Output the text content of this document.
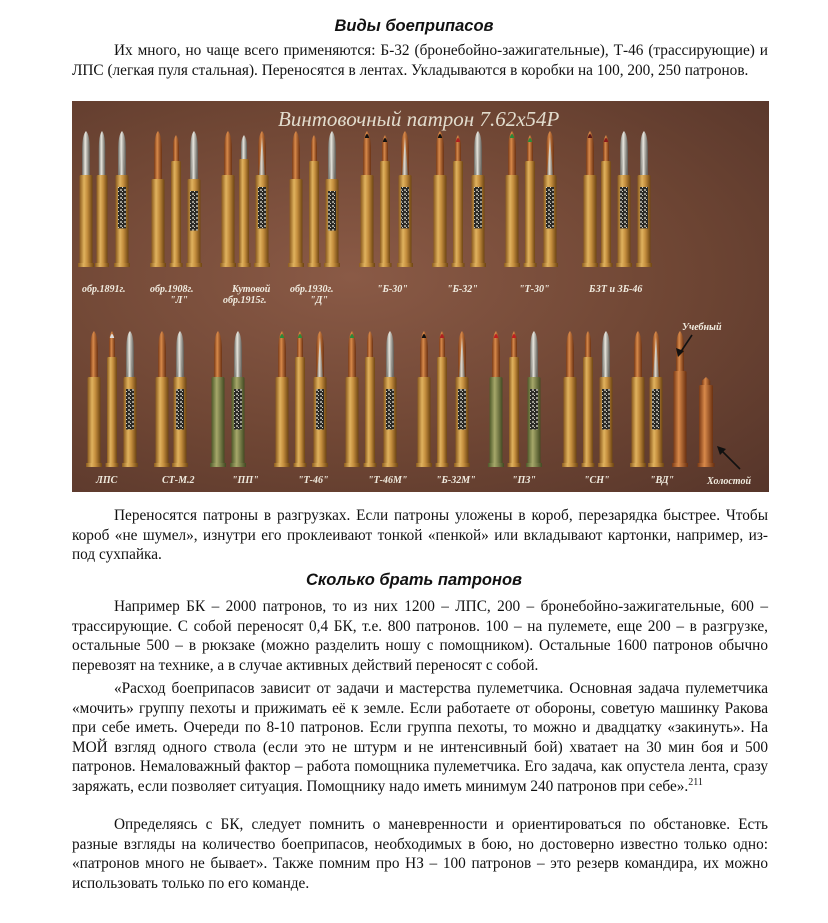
Виды боеприпасов

Их много, но чаще всего применяются: Б-32 (бронебойно-зажигательные), Т-46 (трассирующие) и ЛПС (легкая пуля стальная). Переносятся в лентах. Укладываются в коробки на 100, 200, 250 патронов.

Винтовочный патрон 7.62х54Р
обр.1891г. обр.1908г.
"Л"
Кутовой
обр.1915г.
обр.1930г.
"Д"
"Б-30"	"Б-32"	"Т-30"	БЗТ и ЗБ-46
ЛПС	СТ-М.2	"ПП"	"Т-46"	"Т-46М"	"Б-32М"	"ПЗ"	"СН"	"ВД"
Учебный
Холостой

Переносятся патроны в разгрузках. Если патроны уложены в короб, перезарядка быстрее. Чтобы короб «не шумел», изнутри его проклеивают тонкой «пенкой» или вкладывают картонки, например, из-под сухпайка.

Сколько брать патронов

Например БК – 2000 патронов, то из них 1200 – ЛПС, 200 – бронебойно-зажигательные, 600 – трассирующие. С собой переносят 0,4 БК, т.е. 800 патронов. 100 – на пулемете, еще 200 – в разгрузке, остальные 500 – в рюкзаке (можно разделить ношу с помощником). Остальные 1600 патронов обычно перевозят на технике, а в случае активных действий переносят с собой.

«Расход боеприпасов зависит от задачи и мастерства пулеметчика. Основная задача пулеметчика «мочить» группу пехоты и прижимать её к земле. Если работаете от обороны, советую машинку Ракова при себе иметь. Очереди по 8-10 патронов. Если группа пехоты, то можно и двадцатку «закинуть». На МОЙ взгляд одного ствола (если это не штурм и не интенсивный бой) хватает на 30 мин боя и 500 патронов. Немаловажный фактор – работа помощника пулеметчика. Его задача, как опустела лента, сразу заряжать, если позволяет ситуация. Помощнику надо иметь минимум 240 патронов при себе».$^{211}$

Определяясь с БК, следует помнить о маневренности и ориентироваться по обстановке. Есть разные взгляды на количество боеприпасов, необходимых в бою, но достоверно известно только одно: «патронов много не бывает». Также помним про НЗ – 100 патронов – это резерв командира, их можно использовать только по его команде.
